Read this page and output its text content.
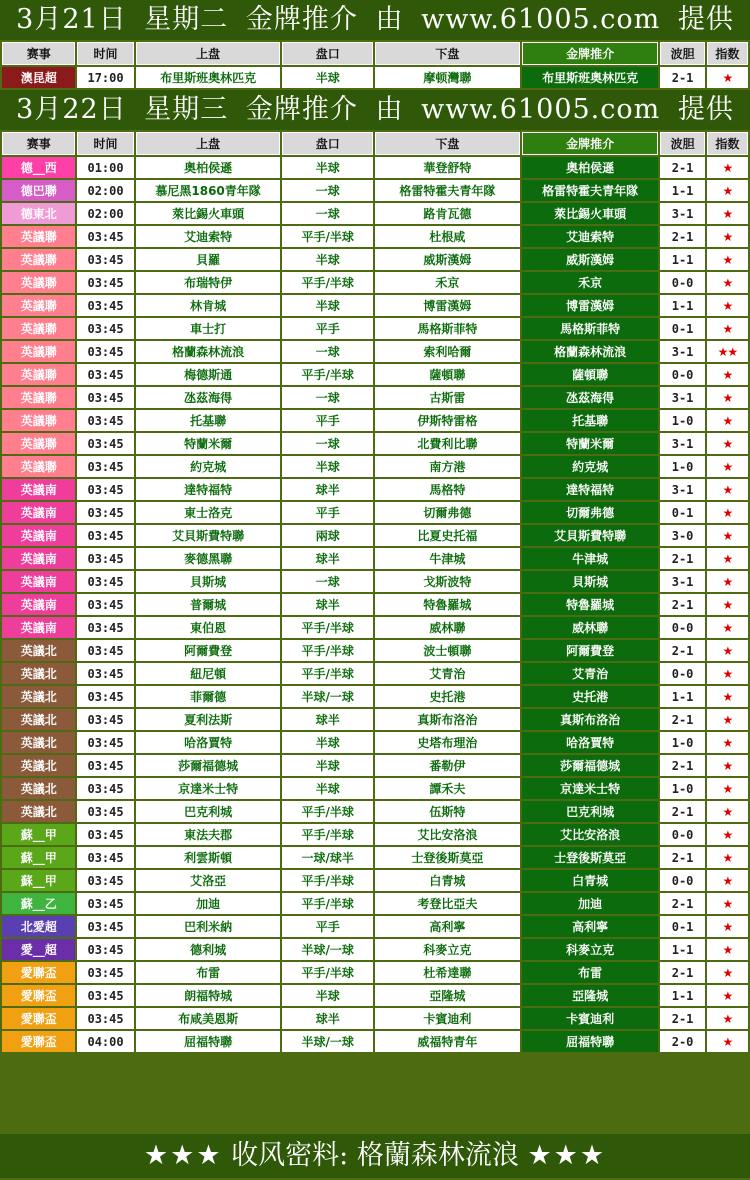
3月21日 星期二 金牌推介 由 www.61005.com 提供
赛事	时间	上盘	盘口	下盘	金牌推介	波胆	指数
澳昆超	17:00	布里斯班奥林匹克	半球	摩顿灣聯	布里斯班奥林匹克	2-1	★
3月22日 星期三 金牌推介 由 www.61005.com 提供
赛事	时间	上盘	盘口	下盘	金牌推介	波胆	指数
德__西	01:00	奥柏侯遜	半球	華登舒特	奥柏侯遜	2-1	★
德巴聯	02:00	慕尼黑1860青年隊	一球	格雷特霍夫青年隊	格雷特霍夫青年隊	1-1	★
德東北	02:00	萊比錫火車頭	一球	路肯瓦德	萊比錫火車頭	3-1	★
英議聯	03:45	艾迪索特	平手/半球	杜根咸	艾迪索特	2-1	★
英議聯	03:45	貝羅	半球	威斯漢姆	威斯漢姆	1-1	★
英議聯	03:45	布瑞特伊	平手/半球	禾京	禾京	0-0	★
英議聯	03:45	林肯城	半球	博雷漢姆	博雷漢姆	1-1	★
英議聯	03:45	車士打	平手	馬格斯菲特	馬格斯菲特	0-1	★
英議聯	03:45	格蘭森林流浪	一球	索利哈爾	格蘭森林流浪	3-1	★★
英議聯	03:45	梅德斯通	平手/半球	薩頓聯	薩頓聯	0-0	★
英議聯	03:45	氹茲海得	一球	古斯雷	氹茲海得	3-1	★
英議聯	03:45	托基聯	平手	伊斯特雷格	托基聯	1-0	★
英議聯	03:45	特蘭米爾	一球	北費利比聯	特蘭米爾	3-1	★
英議聯	03:45	約克城	半球	南方港	約克城	1-0	★
英議南	03:45	達特福特	球半	馬格特	達特福特	3-1	★
英議南	03:45	東士洛克	平手	切爾弗德	切爾弗德	0-1	★
英議南	03:45	艾貝斯費特聯	兩球	比夏史托福	艾貝斯費特聯	3-0	★
英議南	03:45	麥德黑聯	球半	牛津城	牛津城	2-1	★
英議南	03:45	貝斯城	一球	戈斯波特	貝斯城	3-1	★
英議南	03:45	普爾城	球半	特魯羅城	特魯羅城	2-1	★
英議南	03:45	東伯恩	平手/半球	威林聯	威林聯	0-0	★
英議北	03:45	阿爾費登	平手/半球	波士頓聯	阿爾費登	2-1	★
英議北	03:45	紐尼頓	平手/半球	艾青治	艾青治	0-0	★
英議北	03:45	菲爾德	半球/一球	史托港	史托港	1-1	★
英議北	03:45	夏利法斯	球半	真斯布洛治	真斯布洛治	2-1	★
英議北	03:45	哈洛賈特	半球	史塔布理治	哈洛賈特	1-0	★
英議北	03:45	莎爾福德城	半球	番勒伊	莎爾福德城	2-1	★
英議北	03:45	京達米士特	半球	譚禾夫	京達米士特	1-0	★
英議北	03:45	巴克利城	平手/半球	伍斯特	巴克利城	2-1	★
蘇__甲	03:45	東法夫郡	平手/半球	艾比安洛浪	艾比安洛浪	0-0	★
蘇__甲	03:45	利雲斯頓	一球/球半	士登後斯莫亞	士登後斯莫亞	2-1	★
蘇__甲	03:45	艾洛亞	平手/半球	白青城	白青城	0-0	★
蘇__乙	03:45	加迪	平手/半球	考登比亞夫	加迪	2-1	★
北愛超	03:45	巴利米納	平手	高利寧	高利寧	0-1	★
愛__超	03:45	德利城	半球/一球	科麥立克	科麥立克	1-1	★
愛聯盃	03:45	布雷	平手/半球	杜希達聯	布雷	2-1	★
愛聯盃	03:45	朗福特城	半球	亞隆城	亞隆城	1-1	★
愛聯盃	03:45	布咸美恩斯	球半	卡賓迪利	卡賓迪利	2-1	★
愛聯盃	04:00	屈福特聯	半球/一球	威福特青年	屈福特聯	2-0	★
★★★ 收风密料: 格蘭森林流浪 ★★★
